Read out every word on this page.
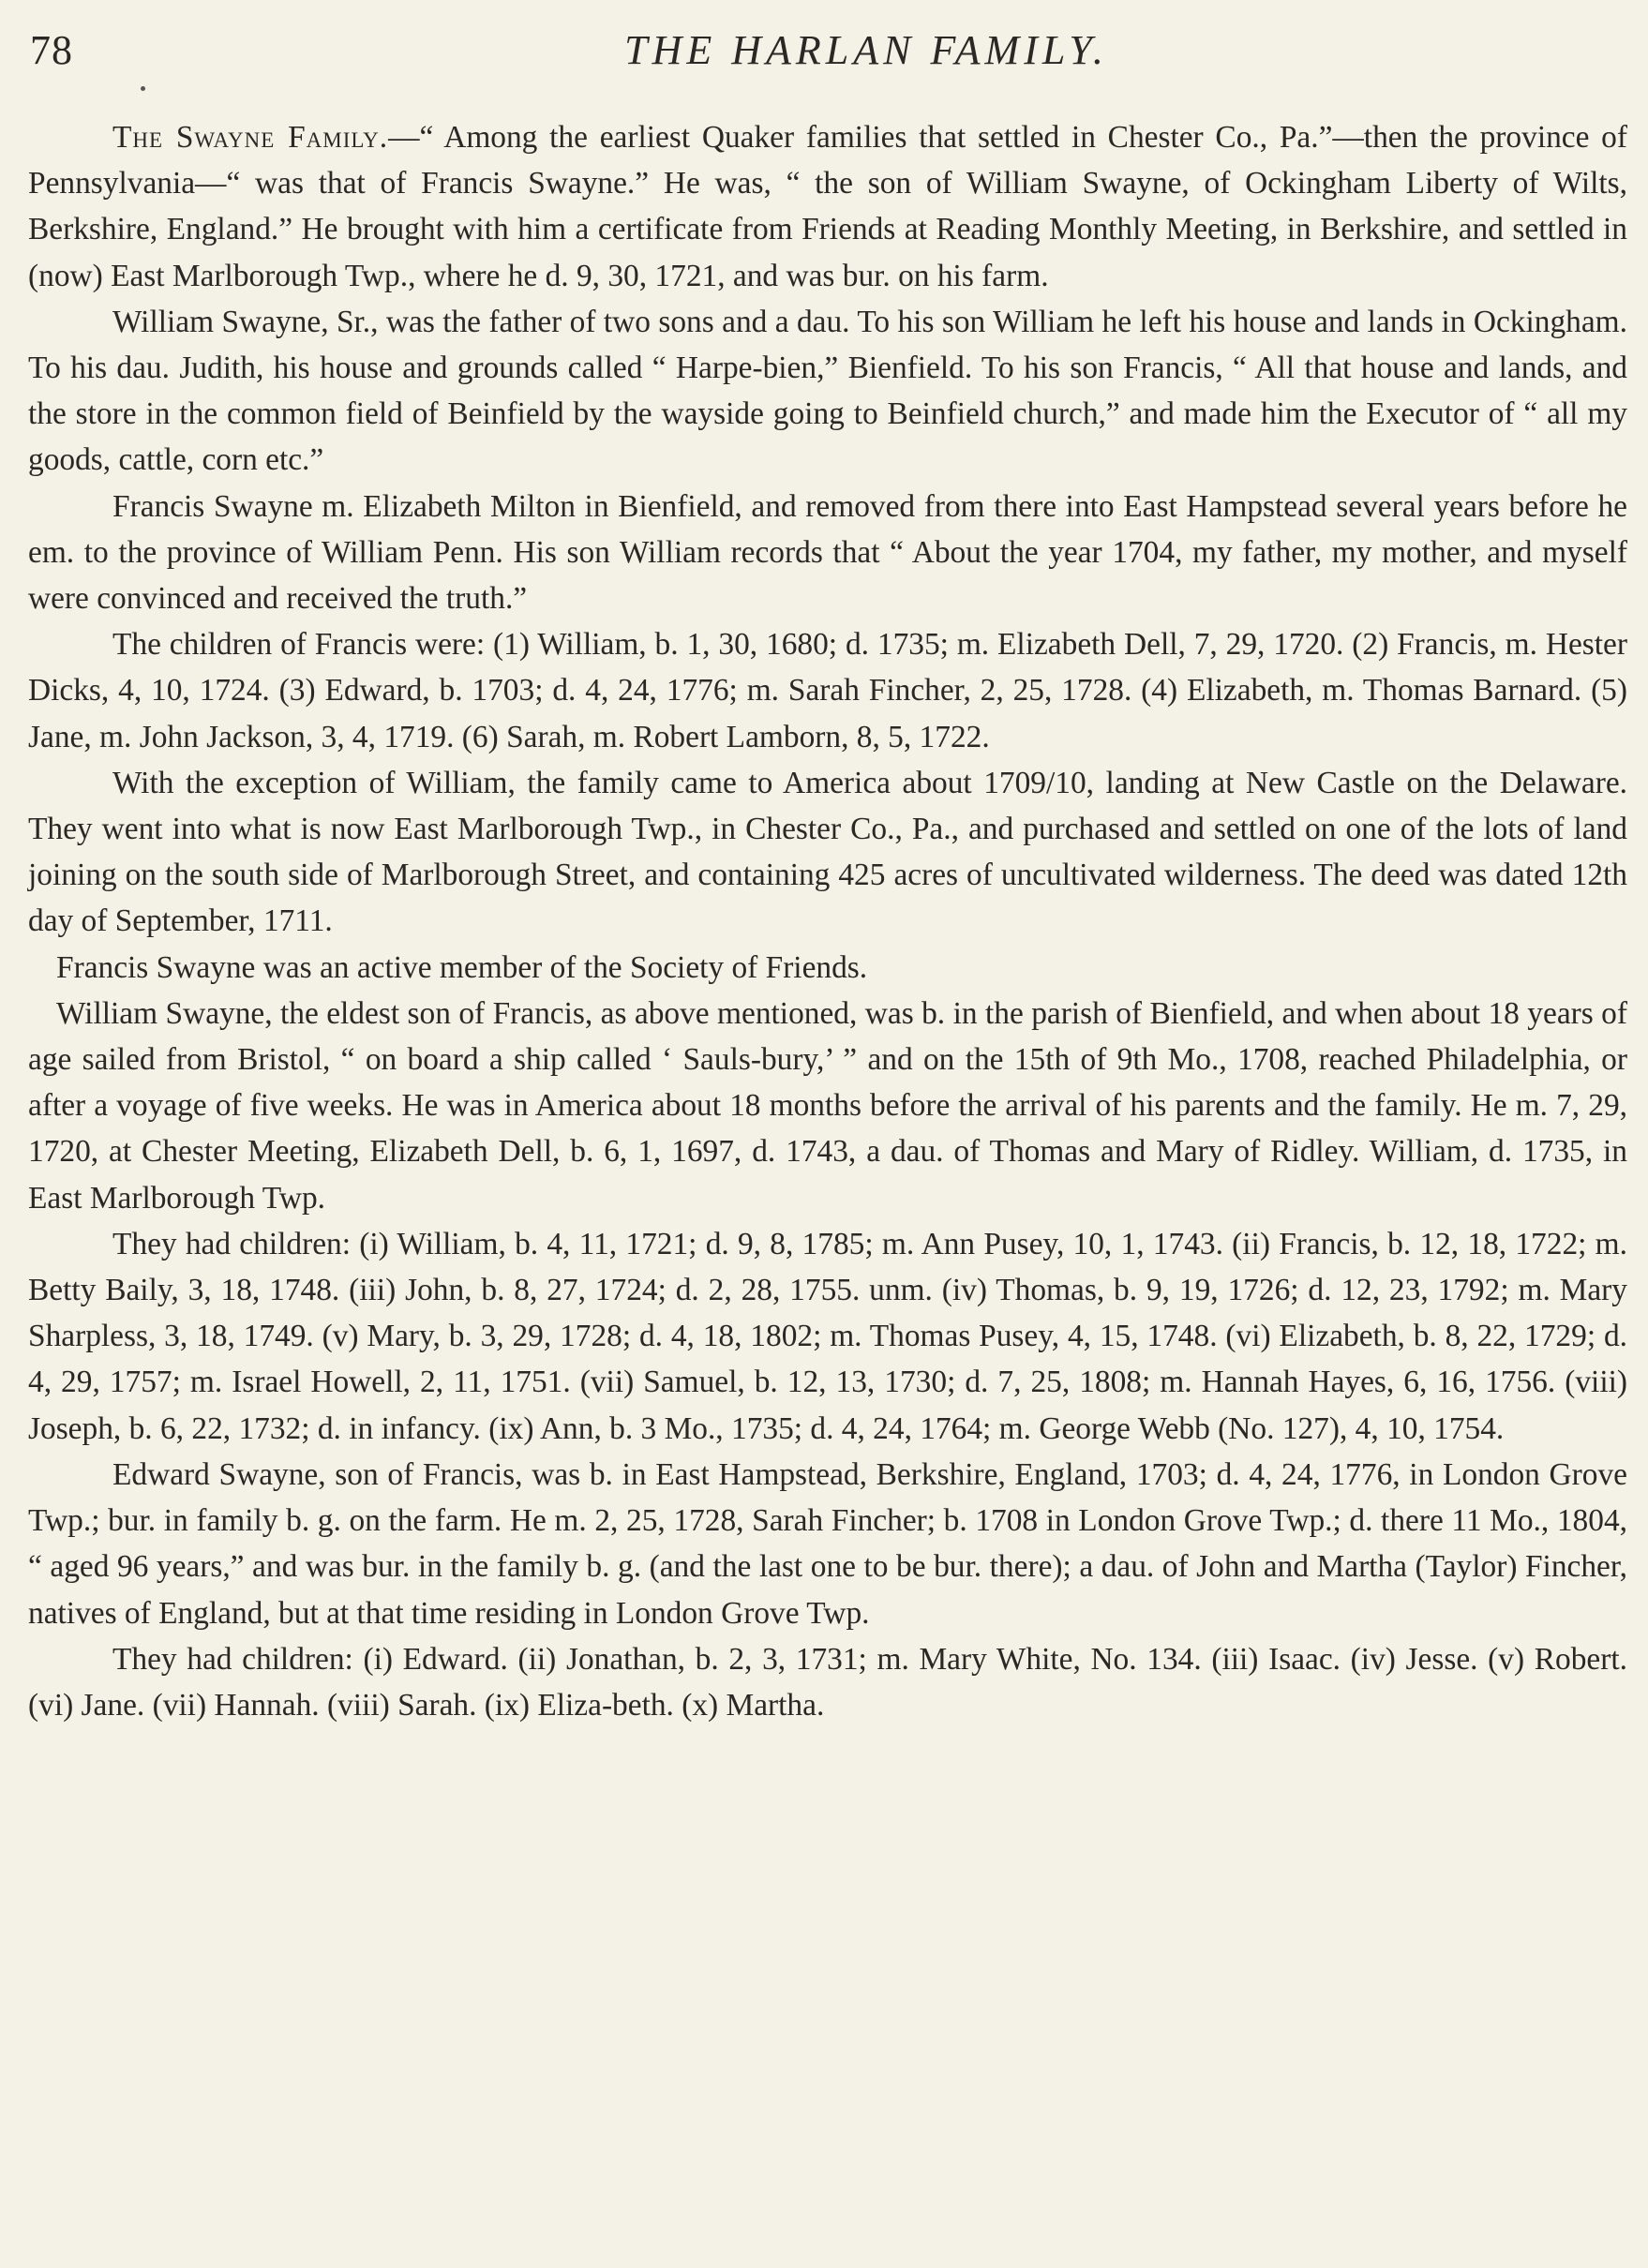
78	THE HARLAN FAMILY.

The Swayne Family.—“ Among the earliest Quaker families that settled in Chester Co., Pa.”—then the province of Pennsylvania—“ was that of Francis Swayne.” He was, “ the son of William Swayne, of Ockingham Liberty of Wilts, Berkshire, England.” He brought with him a certificate from Friends at Reading Monthly Meeting, in Berkshire, and settled in (now) East Marlborough Twp., where he d. 9, 30, 1721, and was bur. on his farm.

William Swayne, Sr., was the father of two sons and a dau. To his son William he left his house and lands in Ockingham. To his dau. Judith, his house and grounds called “ Harpe-bien,” Bienfield. To his son Francis, “ All that house and lands, and the store in the common field of Beinfield by the wayside going to Beinfield church,” and made him the Executor of “ all my goods, cattle, corn etc.”

Francis Swayne m. Elizabeth Milton in Bienfield, and removed from there into East Hampstead several years before he em. to the province of William Penn. His son William records that “ About the year 1704, my father, my mother, and myself were convinced and received the truth.”

The children of Francis were: (1) William, b. 1, 30, 1680; d. 1735; m. Elizabeth Dell, 7, 29, 1720. (2) Francis, m. Hester Dicks, 4, 10, 1724. (3) Edward, b. 1703; d. 4, 24, 1776; m. Sarah Fincher, 2, 25, 1728. (4) Elizabeth, m. Thomas Barnard. (5) Jane, m. John Jackson, 3, 4, 1719. (6) Sarah, m. Robert Lamborn, 8, 5, 1722.

With the exception of William, the family came to America about 1709/10, landing at New Castle on the Delaware. They went into what is now East Marlborough Twp., in Chester Co., Pa., and purchased and settled on one of the lots of land joining on the south side of Marlborough Street, and containing 425 acres of uncultivated wilderness. The deed was dated 12th day of September, 1711.

Francis Swayne was an active member of the Society of Friends.

William Swayne, the eldest son of Francis, as above mentioned, was b. in the parish of Bienfield, and when about 18 years of age sailed from Bristol, “ on board a ship called ‘ Sauls-bury,’ ” and on the 15th of 9th Mo., 1708, reached Philadelphia, or after a voyage of five weeks. He was in America about 18 months before the arrival of his parents and the family. He m. 7, 29, 1720, at Chester Meeting, Elizabeth Dell, b. 6, 1, 1697, d. 1743, a dau. of Thomas and Mary of Ridley. William, d. 1735, in East Marlborough Twp.

They had children: (i) William, b. 4, 11, 1721; d. 9, 8, 1785; m. Ann Pusey, 10, 1, 1743. (ii) Francis, b. 12, 18, 1722; m. Betty Baily, 3, 18, 1748. (iii) John, b. 8, 27, 1724; d. 2, 28, 1755. unm. (iv) Thomas, b. 9, 19, 1726; d. 12, 23, 1792; m. Mary Sharpless, 3, 18, 1749. (v) Mary, b. 3, 29, 1728; d. 4, 18, 1802; m. Thomas Pusey, 4, 15, 1748. (vi) Elizabeth, b. 8, 22, 1729; d. 4, 29, 1757; m. Israel Howell, 2, 11, 1751. (vii) Samuel, b. 12, 13, 1730; d. 7, 25, 1808; m. Hannah Hayes, 6, 16, 1756. (viii) Joseph, b. 6, 22, 1732; d. in infancy. (ix) Ann, b. 3 Mo., 1735; d. 4, 24, 1764; m. George Webb (No. 127), 4, 10, 1754.

Edward Swayne, son of Francis, was b. in East Hampstead, Berkshire, England, 1703; d. 4, 24, 1776, in London Grove Twp.; bur. in family b. g. on the farm. He m. 2, 25, 1728, Sarah Fincher; b. 1708 in London Grove Twp.; d. there 11 Mo., 1804, “ aged 96 years,” and was bur. in the family b. g. (and the last one to be bur. there); a dau. of John and Martha (Taylor) Fincher, natives of England, but at that time residing in London Grove Twp.

They had children: (i) Edward. (ii) Jonathan, b. 2, 3, 1731; m. Mary White, No. 134. (iii) Isaac. (iv) Jesse. (v) Robert. (vi) Jane. (vii) Hannah. (viii) Sarah. (ix) Eliza-beth. (x) Martha.
